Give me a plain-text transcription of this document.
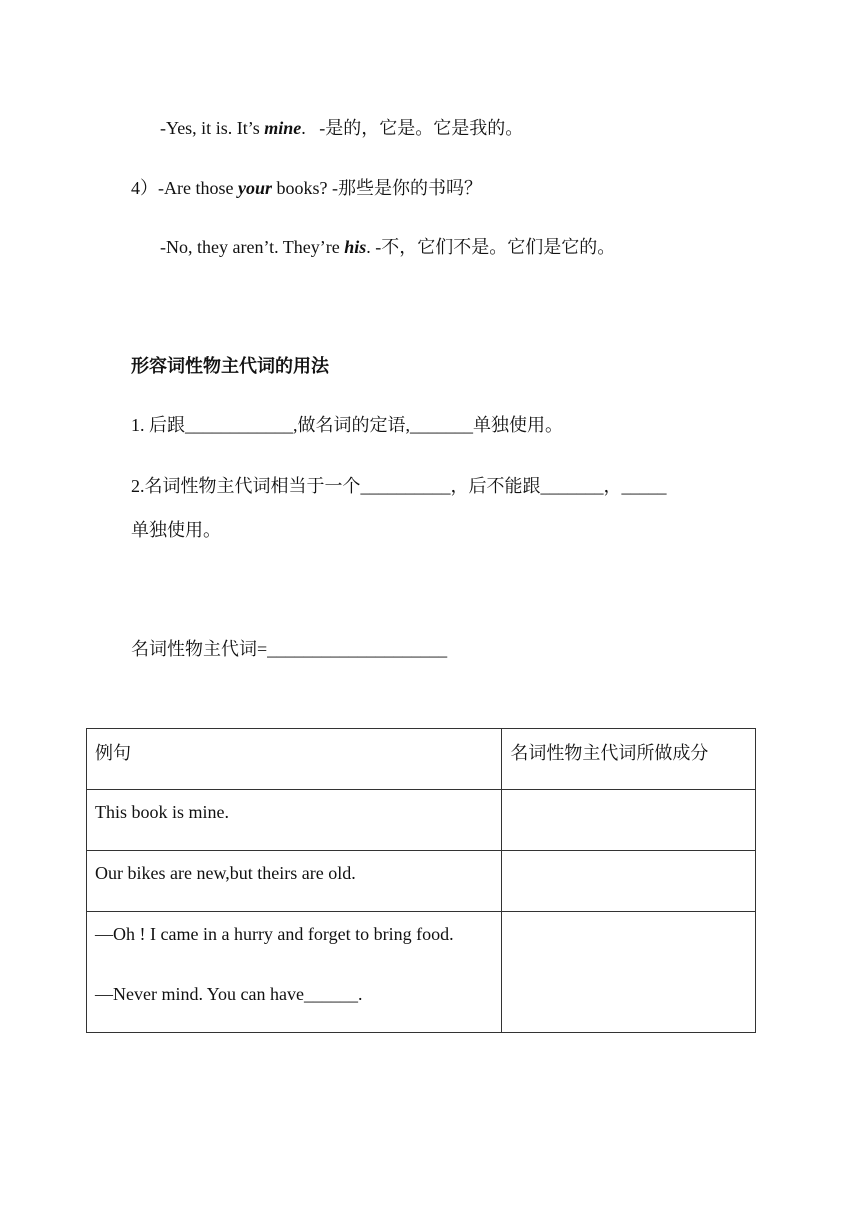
-Yes, it is. It’s mine.   -是的，它是。它是我的。
4）-Are those your books? -那些是你的书吗？
-No, they aren’t. They’re his. -不，它们不是。它们是它的。
形容词性物主代词的用法
1. 后跟____________,做名词的定语,_______单独使用。
2.名词性物主代词相当于一个__________，后不能跟_______，_____
单独使用。
名词性物主代词=____________________
例句	名词性物主代词所做成分

This book is mine.	

Our bikes are new,but theirs are old.	

—Oh ! I came in a hurry and forget to bring food.

—Never mind. You can have______.	
